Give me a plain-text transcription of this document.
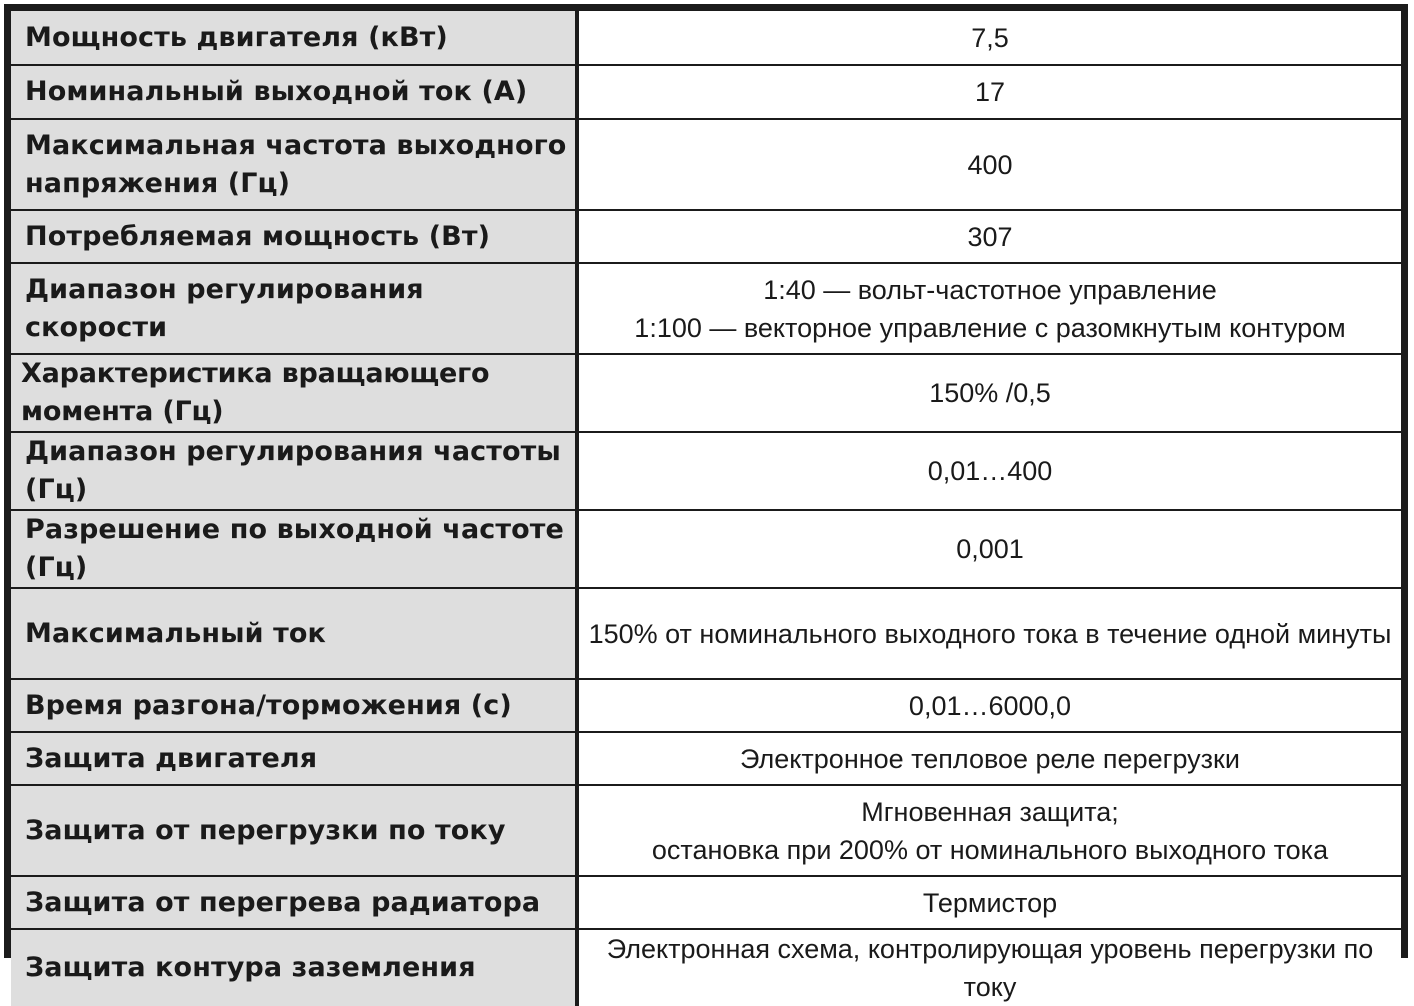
Мощность двигателя (кВт)	7,5

Номинальный выходной ток (А)	17

Максимальная частота выходного напряжения (Гц)	400

Потребляемая мощность (Вт)	307

Диапазон регулирования скорости	1:40 — вольт-частотное управление
1:100 — векторное управление с разомкнутым контуром

Характеристика вращающего момента (Гц)	150% /0,5

Диапазон регулирования частоты (Гц)	0,01…400

Разрешение по выходной частоте (Гц)	0,001

Максимальный ток	150% от номинального выходного тока в течение одной минуты

Время разгона/торможения (с)	0,01…6000,0

Защита двигателя	Электронное тепловое реле перегрузки

Защита от перегрузки по току	Мгновенная защита;
остановка при 200% от номинального выходного тока

Защита от перегрева радиатора	Термистор

Защита контура заземления	Электронная схема, контролирующая уровень перегрузки по току
